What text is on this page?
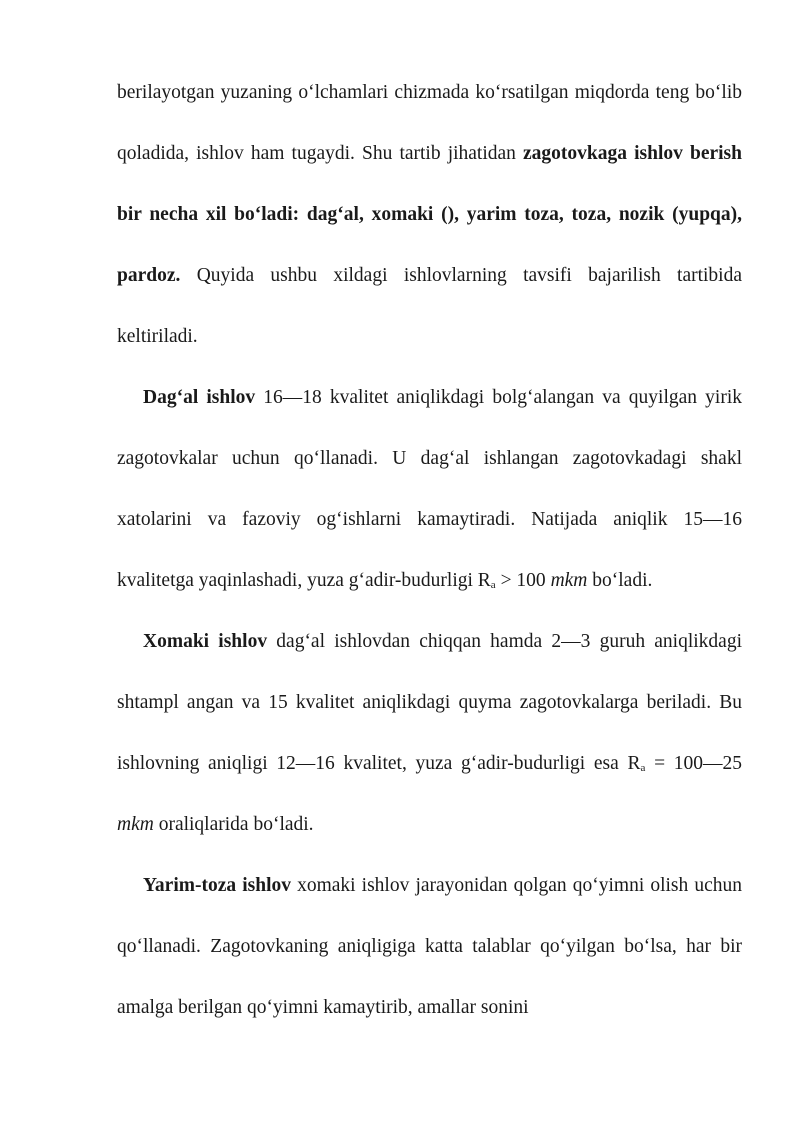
berilayotgan yuzaning o‘lchamlari chizmada ko‘rsatilgan miqdorda teng bo‘lib qoladida, ishlov ham tugaydi. Shu tartib jihatidan zagotovkaga ishlov berish bir necha xil bo‘ladi: dag‘al, xomaki (), yarim toza, toza, nozik (yupqa), pardoz. Quyida ushbu xildagi ishlovlarning tavsifi bajarilish tartibida keltiriladi.

Dag‘al ishlov 16—18 kvalitet aniqlikdagi bolg‘alangan va quyilgan yirik zagotovkalar uchun qo‘llanadi. U dag‘al ishlangan zagotovkadagi shakl xatolarini va fazoviy og‘ishlarni kamaytiradi. Natijada aniqlik 15—16 kvalitetga yaqinlashadi, yuza g‘adir-budurligi $R_a > 100$ mkm bo‘ladi.

Xomaki ishlov dag‘al ishlovdan chiqqan hamda 2—3 guruh aniqlikdagi shtampl angan va 15 kvalitet aniqlikdagi quyma zagotovkalarga beriladi. Bu ishlovning aniqligi 12—16 kvalitet, yuza g‘adir-budurligi esa $R_a$ = 100—25 mkm oraliqlarida bo‘ladi.

Yarim-toza ishlov xomaki ishlov jarayonidan qolgan qo‘yimni olish uchun qo‘llanadi. Zagotovkaning aniqligiga katta talablar qo‘yilgan bo‘lsa, har bir amalga berilgan qo‘yimni kamaytirib, amallar sonini
